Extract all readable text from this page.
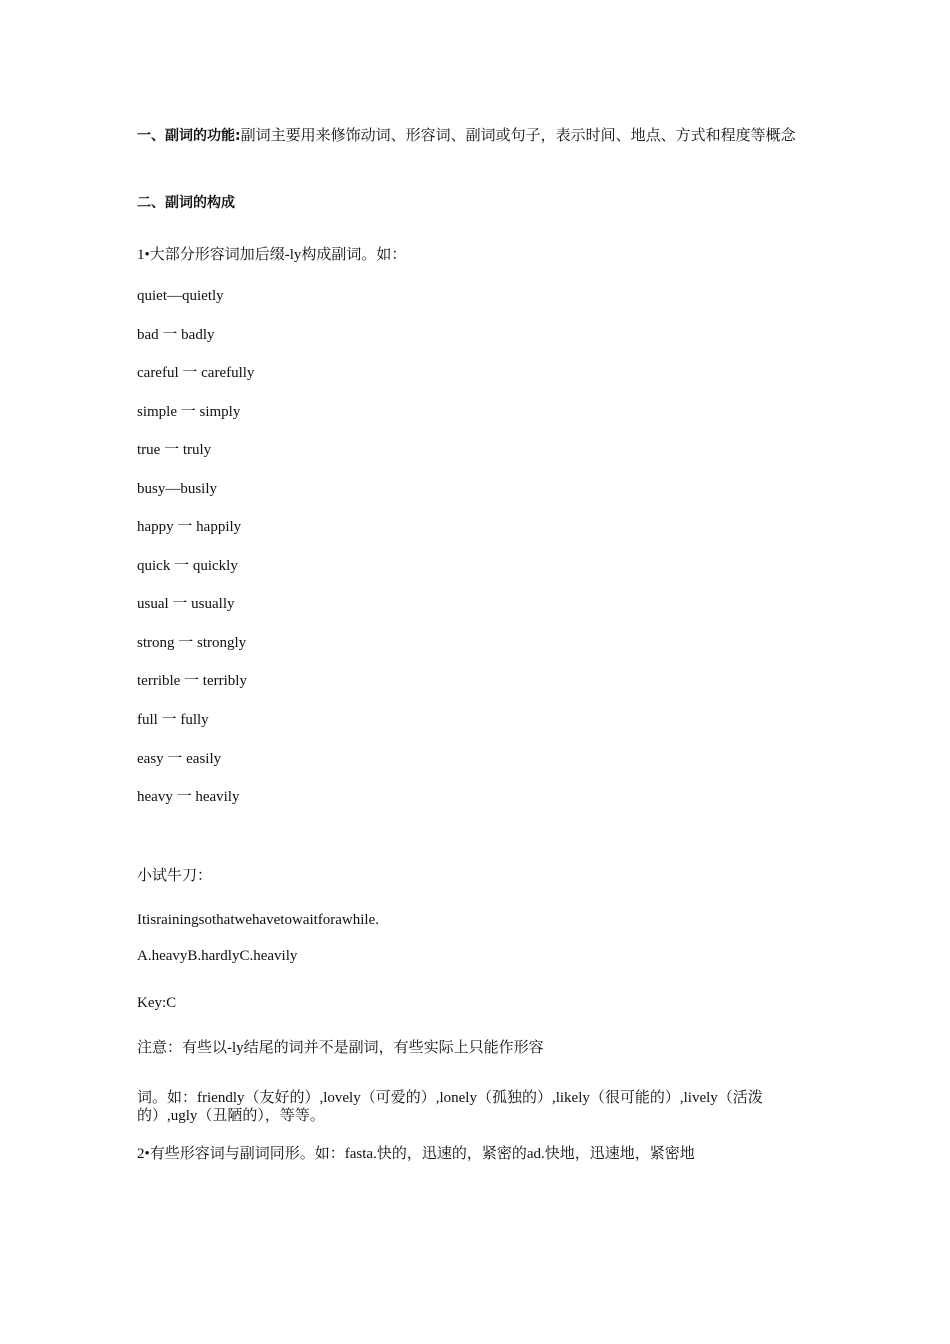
一、副词的功能:副词主要用来修饰动词、形容词、副词或句子，表示时间、地点、方式和程度等概念

二、副词的构成

1•大部分形容词加后缀-ly构成副词。如：

quiet—quietly
bad 一 badly
careful 一 carefully
simple 一 simply
true 一 truly
busy—busily
happy 一 happily
quick 一 quickly
usual 一 usually
strong 一 strongly
terrible 一 terribly
full 一 fully
easy 一 easily
heavy 一 heavily

小试牛刀：

Itisrainingsothatwehavetowaitforawhile.

A.heavyB.hardlyC.heavily

Key:C

注意：有些以-ly结尾的词并不是副词，有些实际上只能作形容

词。如：friendly（友好的）,lovely（可爱的）,lonely（孤独的）,likely（很可能的）,lively（活泼的）,ugly（丑陋的），等等。

2•有些形容词与副词同形。如：fasta.快的，迅速的，紧密的ad.快地，迅速地，紧密地
